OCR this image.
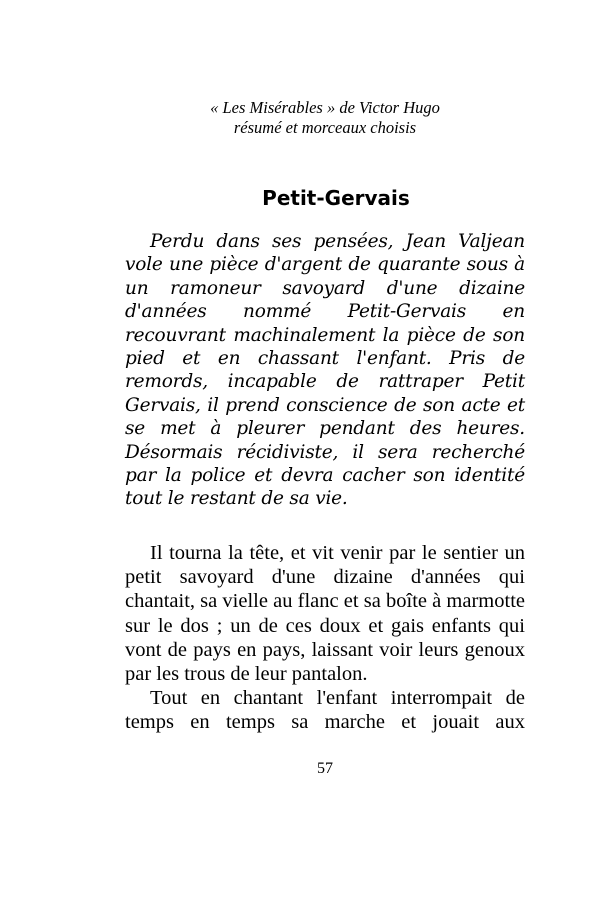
« Les Misérables » de Victor Hugo
résumé et morceaux choisis
Petit-Gervais

Perdu dans ses pensées, Jean Valjean vole une pièce d'argent de quarante sous à un ramoneur savoyard d'une dizaine d'années nommé Petit-Gervais en recouvrant machinalement la pièce de son pied et en chassant l'enfant. Pris de remords, incapable de rattraper Petit Gervais, il prend conscience de son acte et se met à pleurer pendant des heures. Désormais récidiviste, il sera recherché par la police et devra cacher son identité tout le restant de sa vie.

Il tourna la tête, et vit venir par le sentier un petit savoyard d'une dizaine d'années qui chantait, sa vielle au flanc et sa boîte à marmotte sur le dos ; un de ces doux et gais enfants qui vont de pays en pays, laissant voir leurs genoux par les trous de leur pantalon.

Tout en chantant l'enfant interrompait de temps en temps sa marche et jouait aux

57
